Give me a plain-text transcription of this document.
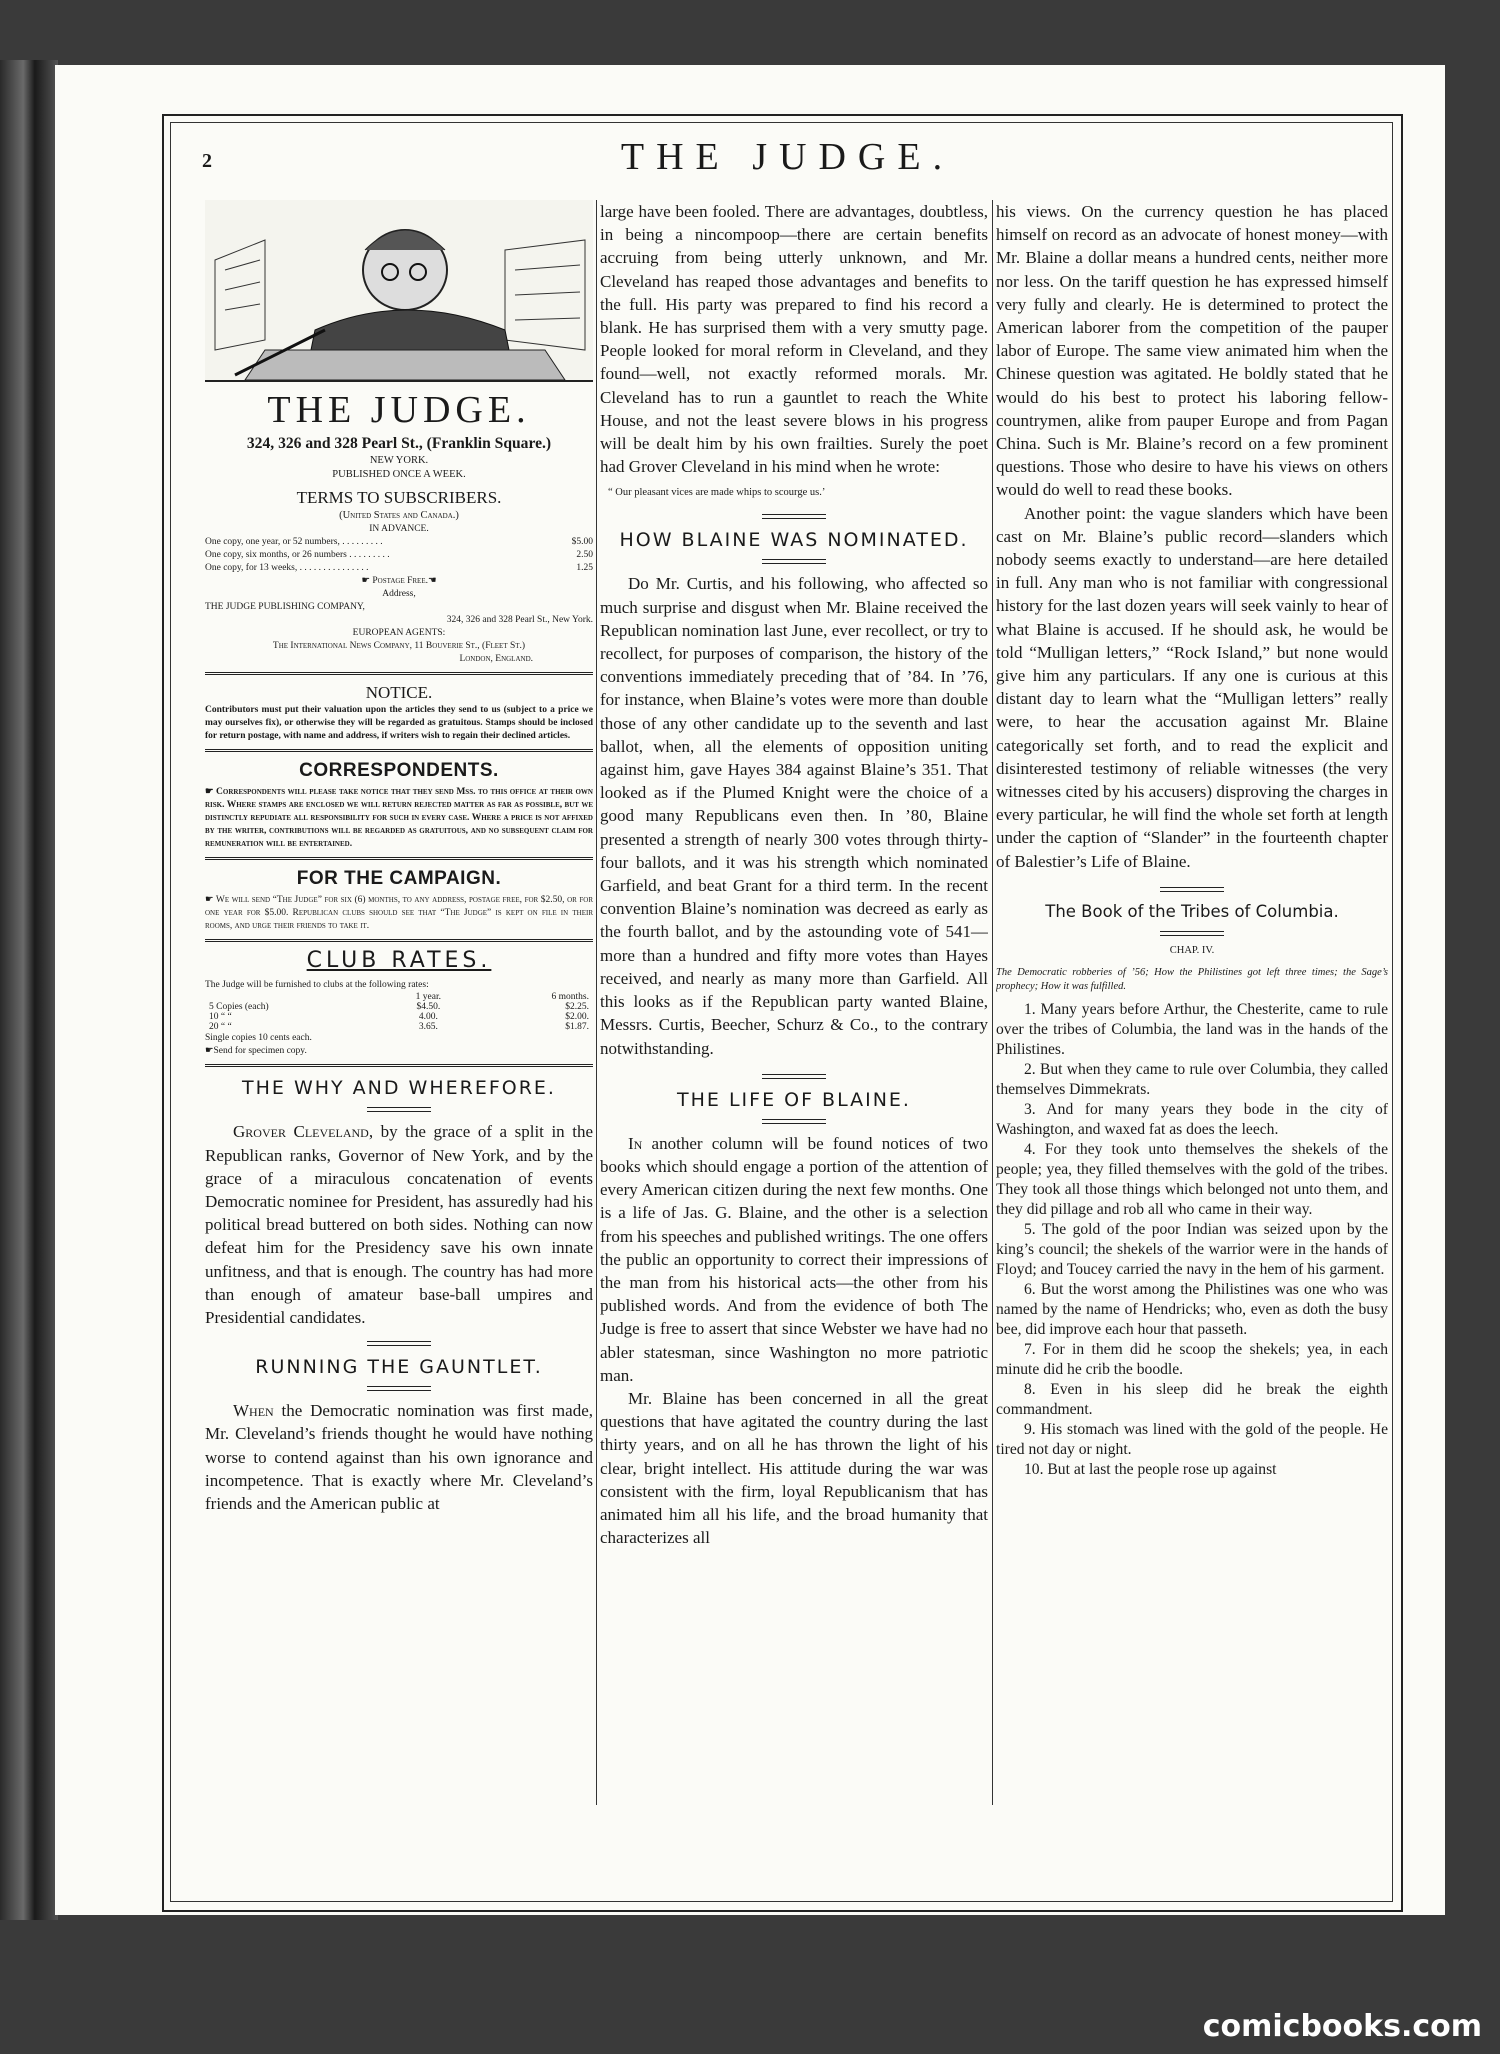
2	THE JUDGE.
THE JUDGE.

324, 326 and 328 Pearl St., (Franklin Square.)

NEW YORK.

PUBLISHED ONCE A WEEK.

TERMS TO SUBSCRIBERS.

(United States and Canada.)

IN ADVANCE.

One copy, one year, or 52 numbers, . . . . . . . . .	$5.00
One copy, six months, or 26 numbers . . . . . . . . .	2.50
One copy, for 13 weeks, . . . . . . . . . . . . . . .	1.25

☛ Postage Free.☚

Address,

THE JUDGE PUBLISHING COMPANY,

324, 326 and 328 Pearl St., New York.

EUROPEAN AGENTS:

The International News Company, 11 Bouverie St., (Fleet St.)

London, England.

NOTICE.

Contributors must put their valuation upon the articles they send to us (subject to a price we may ourselves fix), or otherwise they will be regarded as gratuitous. Stamps should be inclosed for return postage, with name and address, if writers wish to regain their declined articles.

CORRESPONDENTS.

☛ Correspondents will please take notice that they send Mss. to this office at their own risk. Where stamps are enclosed we will return rejected matter as far as possible, but we distinctly repudiate all responsibility for such in every case. Where a price is not affixed by the writer, contributions will be regarded as gratuitous, and no subsequent claim for remuneration will be entertained.

FOR THE CAMPAIGN.

☛ We will send “The Judge” for six (6) months, to any address, postage free, for $2.50, or for one year for $5.00. Republican clubs should see that “The Judge” is kept on file in their rooms, and urge their friends to take it.

CLUB RATES.

The Judge will be furnished to clubs at the following rates:

	1 year.	6 months.
5 Copies (each)	$4.50.	$2.25.
10 “ “	4.00.	$2.00.
20 “ “	3.65.	$1.87.

Single copies 10 cents each.

☛Send for specimen copy.

THE WHY AND WHEREFORE.

Grover Cleveland, by the grace of a split in the Republican ranks, Governor of New York, and by the grace of a miraculous concatenation of events Democratic nominee for President, has assuredly had his political bread buttered on both sides. Nothing can now defeat him for the Presidency save his own innate unfitness, and that is enough. The country has had more than enough of amateur base-ball umpires and Presidential candidates.

RUNNING THE GAUNTLET.

When the Democratic nomination was first made, Mr. Cleveland’s friends thought he would have nothing worse to contend against than his own ignorance and incompetence. That is exactly where Mr. Cleveland’s friends and the American public at

large have been fooled. There are advantages, doubtless, in being a nincompoop—there are certain benefits accruing from being utterly unknown, and Mr. Cleveland has reaped those advantages and benefits to the full. His party was prepared to find his record a blank. He has surprised them with a very smutty page. People looked for moral reform in Cleveland, and they found—well, not exactly reformed morals. Mr. Cleveland has to run a gauntlet to reach the White House, and not the least severe blows in his progress will be dealt him by his own frailties. Surely the poet had Grover Cleveland in his mind when he wrote:

“ Our pleasant vices are made whips to scourge us.’

HOW BLAINE WAS NOMINATED.

Do Mr. Curtis, and his following, who affected so much surprise and disgust when Mr. Blaine received the Republican nomination last June, ever recollect, or try to recollect, for purposes of comparison, the history of the conventions immediately preceding that of ’84. In ’76, for instance, when Blaine’s votes were more than double those of any other candidate up to the seventh and last ballot, when, all the elements of opposition uniting against him, gave Hayes 384 against Blaine’s 351. That looked as if the Plumed Knight were the choice of a good many Republicans even then. In ’80, Blaine presented a strength of nearly 300 votes through thirty-four ballots, and it was his strength which nominated Garfield, and beat Grant for a third term. In the recent convention Blaine’s nomination was decreed as early as the fourth ballot, and by the astounding vote of 541—more than a hundred and fifty more votes than Hayes received, and nearly as many more than Garfield. All this looks as if the Republican party wanted Blaine, Messrs. Curtis, Beecher, Schurz & Co., to the contrary notwithstanding.

THE LIFE OF BLAINE.

In another column will be found notices of two books which should engage a portion of the attention of every American citizen during the next few months. One is a life of Jas. G. Blaine, and the other is a selection from his speeches and published writings. The one offers the public an opportunity to correct their impressions of the man from his historical acts—the other from his published words. And from the evidence of both The Judge is free to assert that since Webster we have had no abler statesman, since Washington no more patriotic man.

Mr. Blaine has been concerned in all the great questions that have agitated the country during the last thirty years, and on all he has thrown the light of his clear, bright intellect. His attitude during the war was consistent with the firm, loyal Republicanism that has animated him all his life, and the broad humanity that characterizes all

his views. On the currency question he has placed himself on record as an advocate of honest money—with Mr. Blaine a dollar means a hundred cents, neither more nor less. On the tariff question he has expressed himself very fully and clearly. He is determined to protect the American laborer from the competition of the pauper labor of Europe. The same view animated him when the Chinese question was agitated. He boldly stated that he would do his best to protect his laboring fellow-countrymen, alike from pauper Europe and from Pagan China. Such is Mr. Blaine’s record on a few prominent questions. Those who desire to have his views on others would do well to read these books.

Another point: the vague slanders which have been cast on Mr. Blaine’s public record—slanders which nobody seems exactly to understand—are here detailed in full. Any man who is not familiar with congressional history for the last dozen years will seek vainly to hear of what Blaine is accused. If he should ask, he would be told “Mulligan letters,” “Rock Island,” but none would give him any particulars. If any one is curious at this distant day to learn what the “Mulligan letters” really were, to hear the accusation against Mr. Blaine categorically set forth, and to read the explicit and disinterested testimony of reliable witnesses (the very witnesses cited by his accusers) disproving the charges in every particular, he will find the whole set forth at length under the caption of “Slander” in the fourteenth chapter of Balestier’s Life of Blaine.

The Book of the Tribes of Columbia.

CHAP. IV.

The Democratic robberies of ’56; How the Philistines got left three times; the Sage’s prophecy; How it was fulfilled.

1. Many years before Arthur, the Chesterite, came to rule over the tribes of Columbia, the land was in the hands of the Philistines.

2. But when they came to rule over Columbia, they called themselves Dimmekrats.

3. And for many years they bode in the city of Washington, and waxed fat as does the leech.

4. For they took unto themselves the shekels of the people; yea, they filled themselves with the gold of the tribes. They took all those things which belonged not unto them, and they did pillage and rob all who came in their way.

5. The gold of the poor Indian was seized upon by the king’s council; the shekels of the warrior were in the hands of Floyd; and Toucey carried the navy in the hem of his garment.

6. But the worst among the Philistines was one who was named by the name of Hendricks; who, even as doth the busy bee, did improve each hour that passeth.

7. For in them did he scoop the shekels; yea, in each minute did he crib the boodle.

8. Even in his sleep did he break the eighth commandment.

9. His stomach was lined with the gold of the people. He tired not day or night.

10. But at last the people rose up against

comicbooks.com
